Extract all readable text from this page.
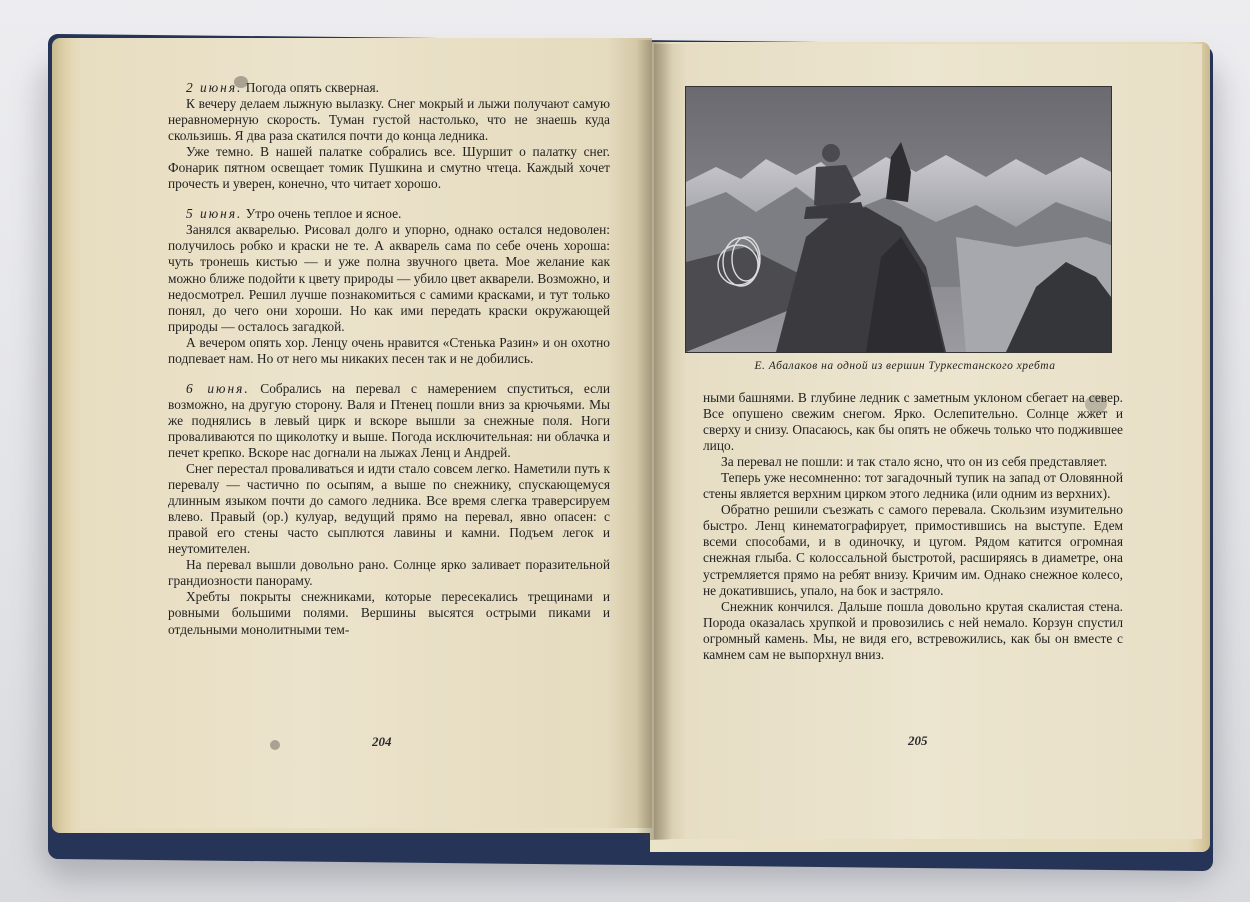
2 июня. Погода опять скверная.

К вечеру делаем лыжную вылазку. Снег мокрый и лыжи получают самую неравномерную скорость. Туман густой настолько, что не знаешь куда скользишь. Я два раза скатился почти до конца ледника.

Уже темно. В нашей палатке собрались все. Шуршит о палатку снег. Фонарик пятном освещает томик Пушкина и смутно чтеца. Каждый хочет прочесть и уверен, конечно, что читает хорошо.

5 июня. Утро очень теплое и ясное.

Занялся акварелью. Рисовал долго и упорно, однако остался недоволен: получилось робко и краски не те. А акварель сама по себе очень хороша: чуть тронешь кистью — и уже полна звучного цвета. Мое желание как можно ближе подойти к цвету природы — убило цвет акварели. Возможно, и недосмотрел. Решил лучше познакомиться с самими красками, и тут только понял, до чего они хороши. Но как ими передать краски окружающей природы — осталось загадкой.

А вечером опять хор. Ленцу очень нравится «Стенька Разин» и он охотно подпевает нам. Но от него мы никаких песен так и не добились.

6 июня. Собрались на перевал с намерением спуститься, если возможно, на другую сторону. Валя и Птенец пошли вниз за крючьями. Мы же поднялись в левый цирк и вскоре вышли за снежные поля. Ноги проваливаются по щиколотку и выше. Погода исключительная: ни облачка и печет крепко. Вскоре нас догнали на лыжах Ленц и Андрей.

Снег перестал проваливаться и идти стало совсем легко. Наметили путь к перевалу — частично по осыпям, а выше по снежнику, спускающемуся длинным языком почти до самого ледника. Все время слегка траверсируем влево. Правый (ор.) кулуар, ведущий прямо на перевал, явно опасен: с правой его стены часто сыплются лавины и камни. Подъем легок и неутомителен.

На перевал вышли довольно рано. Солнце ярко заливает поразительной грандиозности панораму.

Хребты покрыты снежниками, которые пересекались трещинами и ровными большими полями. Вершины высятся острыми пиками и отдельными монолитными тем-

204
Е. Абалаков на одной из вершин Туркестанского хребта

ными башнями. В глубине ледник с заметным уклоном сбегает на север. Все опушено свежим снегом. Ярко. Ослепительно. Солнце жжет и сверху и снизу. Опасаюсь, как бы опять не обжечь только что поджившее лицо.

За перевал не пошли: и так стало ясно, что он из себя представляет.

Теперь уже несомненно: тот загадочный тупик на запад от Оловянной стены является верхним цирком этого ледника (или одним из верхних).

Обратно решили съезжать с самого перевала. Скользим изумительно быстро. Ленц кинематографирует, примостившись на выступе. Едем всеми способами, и в одиночку, и цугом. Рядом катится огромная снежная глыба. С колоссальной быстротой, расширяясь в диаметре, она устремляется прямо на ребят внизу. Кричим им. Однако снежное колесо, не докатившись, упало, на бок и застряло.

Снежник кончился. Дальше пошла довольно крутая скалистая стена. Порода оказалась хрупкой и провозились с ней немало. Корзун спустил огромный камень. Мы, не видя его, встревожились, как бы он вместе с камнем сам не выпорхнул вниз.

205
